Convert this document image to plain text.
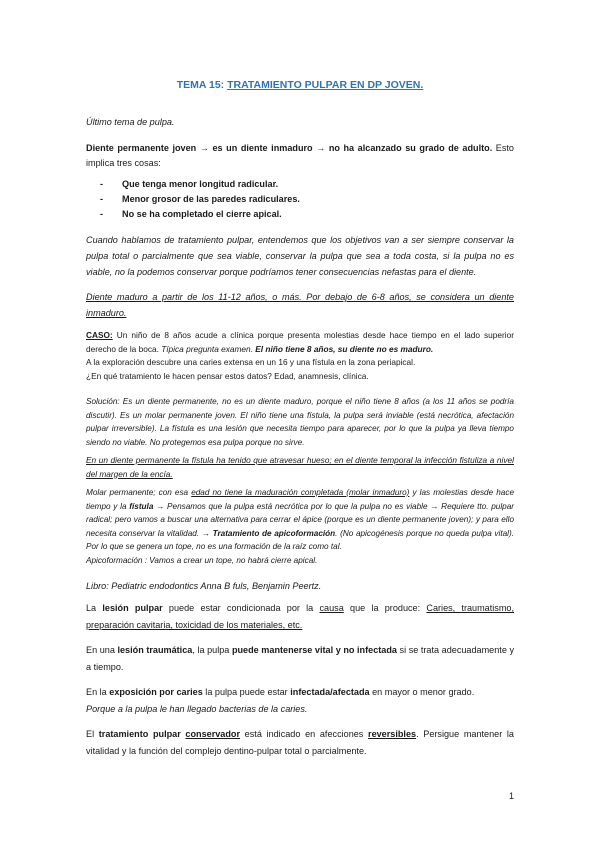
TEMA 15: TRATAMIENTO PULPAR EN DP JOVEN.

Último tema de pulpa.

Diente permanente joven → es un diente inmaduro → no ha alcanzado su grado de adulto. Esto implica tres cosas:

- Que tenga menor longitud radicular.
- Menor grosor de las paredes radiculares.
- No se ha completado el cierre apical.

Cuando hablamos de tratamiento pulpar, entendemos que los objetivos van a ser siempre conservar la pulpa total o parcialmente que sea viable, conservar la pulpa que sea a toda costa, si la pulpa no es viable, no la podemos conservar porque podríamos tener consecuencias nefastas para el diente.

Diente maduro a partir de los 11-12 años, o más. Por debajo de 6-8 años, se considera un diente inmaduro.

CASO: Un niño de 8 años acude a clínica porque presenta molestias desde hace tiempo en el lado superior derecho de la boca. Típica pregunta examen. El niño tiene 8 años, su diente no es maduro.
A la exploración descubre una caries extensa en un 16 y una fístula en la zona periapical.
¿En qué tratamiento le hacen pensar estos datos? Edad, anamnesis, clínica.

Solución: Es un diente permanente, no es un diente maduro, porque el niño tiene 8 años (a los 11 años se podría discutir). Es un molar permanente joven. El niño tiene una fístula, la pulpa será inviable (está necrótica, afectación pulpar irreversible). La fístula es una lesión que necesita tiempo para aparecer, por lo que la pulpa ya lleva tiempo siendo no viable. No protegemos esa pulpa porque no sirve.

En un diente permanente la fístula ha tenido que atravesar hueso; en el diente temporal la infección fistuliza a nivel del margen de la encía.

Molar permanente; con esa edad no tiene la maduración completada (molar inmaduro) y las molestias desde hace tiempo y la fístula → Pensamos que la pulpa está necrótica por lo que la pulpa no es viable → Requiere tto. pulpar radical; pero vamos a buscar una alternativa para cerrar el ápice (porque es un diente permanente joven); y para ello necesita conservar la vitalidad. → Tratamiento de apicoformación. (No apicogénesis porque no queda pulpa vital). Por lo que se genera un tope, no es una formación de la raíz como tal.
Apicoformación : Vamos a crear un tope, no habrá cierre apical.

Libro: Pediatric endodontics Anna B fuls, Benjamin Peertz.

La lesión pulpar puede estar condicionada por la causa que la produce: Caries, traumatismo, preparación cavitaria, toxicidad de los materiales, etc.

En una lesión traumática, la pulpa puede mantenerse vital y no infectada si se trata adecuadamente y a tiempo.

En la exposición por caries la pulpa puede estar infectada/afectada en mayor o menor grado.
Porque a la pulpa le han llegado bacterias de la caries.

El tratamiento pulpar conservador está indicado en afecciones reversibles. Persigue mantener la vitalidad y la función del complejo dentino-pulpar total o parcialmente.

1
